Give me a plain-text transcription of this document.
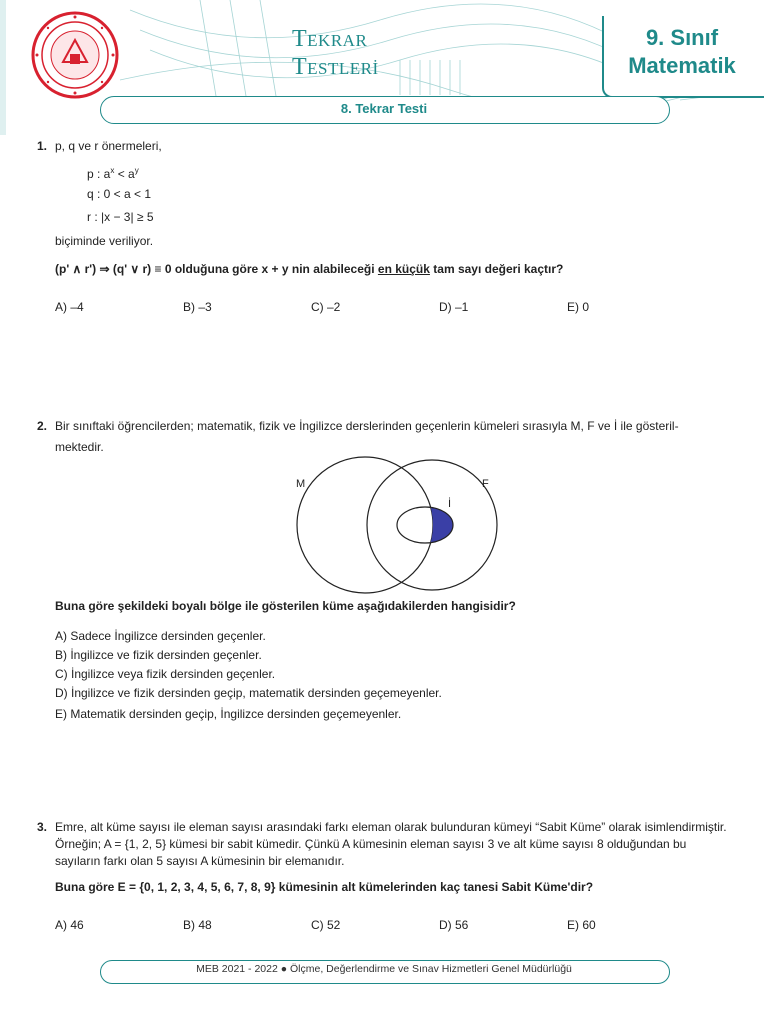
TEKRAR
TESTLERİ
9. Sınıf
Matematik
8. Tekrar Testi
1. p, q ve r önermeleri,
p : $a^x < a^y$
q : 0 < a < 1
r : |x − 3| ≥ 5
biçiminde veriliyor.
(p' ∧ r') ⇒ (q' ∨ r) ≡ 0 olduğuna göre x + y nin alabileceği en küçük tam sayı değeri kaçtır?
A) –4	B) –3	C) –2	D) –1	E) 0
2. Bir sınıftaki öğrencilerden; matematik, fizik ve İngilizce derslerinden geçenlerin kümeleri sırasıyla M, F ve İ ile gösteril-
mektedir.
M	F
İ
Buna göre şekildeki boyalı bölge ile gösterilen küme aşağıdakilerden hangisidir?
A) Sadece İngilizce dersinden geçenler.
B) İngilizce ve fizik dersinden geçenler.
C) İngilizce veya fizik dersinden geçenler.
D) İngilizce ve fizik dersinden geçip, matematik dersinden geçemeyenler.
E) Matematik dersinden geçip, İngilizce dersinden geçemeyenler.
3. Emre, alt küme sayısı ile eleman sayısı arasındaki farkı eleman olarak bulunduran kümeyi “Sabit Küme” olarak isimlendirmiştir.
Örneğin; A = {1, 2, 5} kümesi bir sabit kümedir. Çünkü A kümesinin eleman sayısı 3 ve alt küme sayısı 8 olduğundan bu
sayıların farkı olan 5 sayısı A kümesinin bir elemanıdır.
Buna göre E = {0, 1, 2, 3, 4, 5, 6, 7, 8, 9} kümesinin alt kümelerinden kaç tanesi Sabit Küme'dir?
A) 46	B) 48	C) 52	D) 56	E) 60
MEB 2021 - 2022 ● Ölçme, Değerlendirme ve Sınav Hizmetleri Genel Müdürlüğü
